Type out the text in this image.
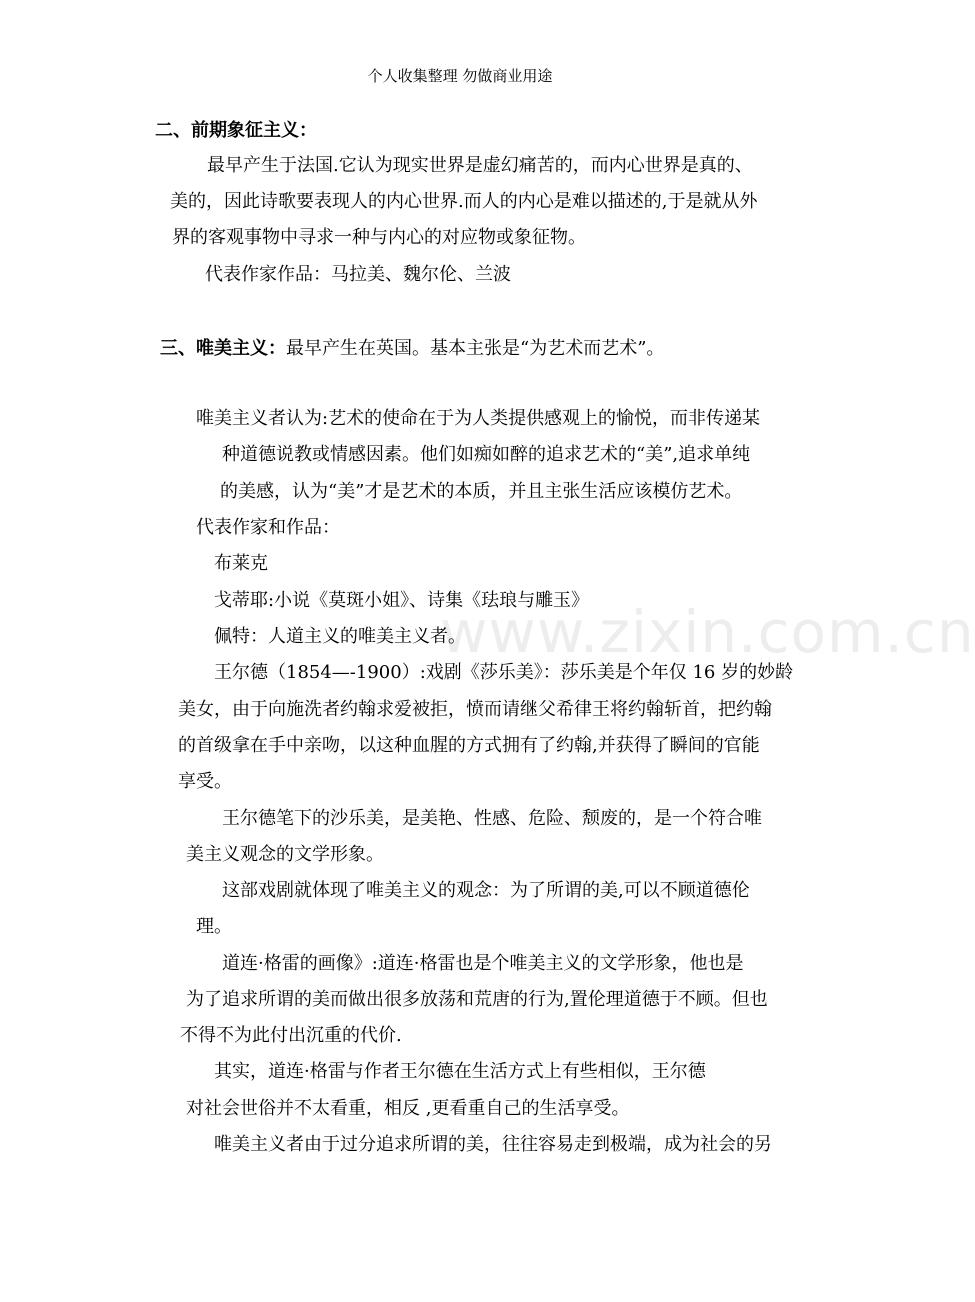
个人收集整理 勿做商业用途
www.zixin.com.cn
二、前期象征主义：
最早产生于法国.它认为现实世界是虚幻痛苦的，而内心世界是真的、
美的，因此诗歌要表现人的内心世界.而人的内心是难以描述的,于是就从外
界的客观事物中寻求一种与内心的对应物或象征物。
代表作家作品：马拉美、魏尔伦、兰波
三、唯美主义：最早产生在英国。基本主张是“为艺术而艺术”。
唯美主义者认为:艺术的使命在于为人类提供感观上的愉悦，而非传递某
种道德说教或情感因素。他们如痴如醉的追求艺术的“美”,追求单纯
的美感，认为“美”才是艺术的本质，并且主张生活应该模仿艺术。
代表作家和作品：
布莱克
戈蒂耶:小说《莫斑小姐》、诗集《珐琅与雕玉》
佩特：人道主义的唯美主义者。
王尔德（1854—-1900）:戏剧《莎乐美》：莎乐美是个年仅 16 岁的妙龄
美女，由于向施洗者约翰求爱被拒，愤而请继父希律王将约翰斩首，把约翰
的首级拿在手中亲吻，以这种血腥的方式拥有了约翰,并获得了瞬间的官能
享受。
王尔德笔下的沙乐美，是美艳、性感、危险、颓废的，是一个符合唯
美主义观念的文学形象。
这部戏剧就体现了唯美主义的观念：为了所谓的美,可以不顾道德伦
理。
道连·格雷的画像》:道连·格雷也是个唯美主义的文学形象，他也是
为了追求所谓的美而做出很多放荡和荒唐的行为,置伦理道德于不顾。但也
不得不为此付出沉重的代价.
其实，道连·格雷与作者王尔德在生活方式上有些相似，王尔德
对社会世俗并不太看重，相反 ,更看重自己的生活享受。
唯美主义者由于过分追求所谓的美，往往容易走到极端，成为社会的另
